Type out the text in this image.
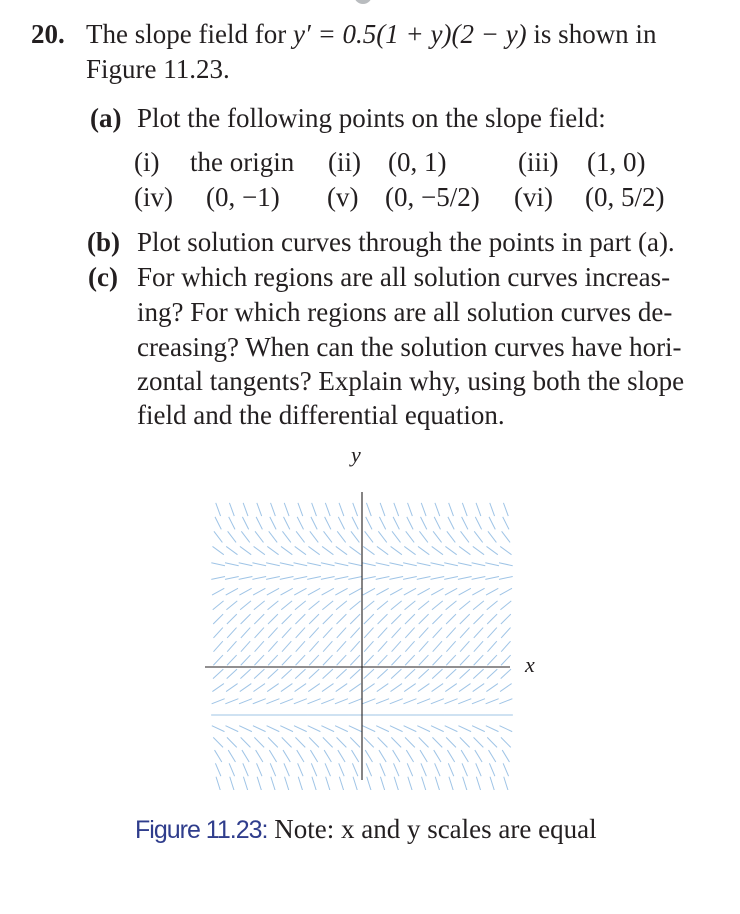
20. The slope field for y′ = 0.5(1 + y)(2 − y) is shown in
Figure 11.23.
(a) Plot the following points on the slope field:
(i) the origin (ii) (0, 1)	(iii) (1, 0)
(iv) (0, −1) (v) (0, −5/2) (vi) (0, 5/2)
(b) Plot solution curves through the points in part (a).
(c) For which regions are all solution curves increas-
ing? For which regions are all solution curves de-
creasing? When can the solution curves have hori-
zontal tangents? Explain why, using both the slope
field and the differential equation.
y
x
Figure 11.23: Note: x and y scales are equal
